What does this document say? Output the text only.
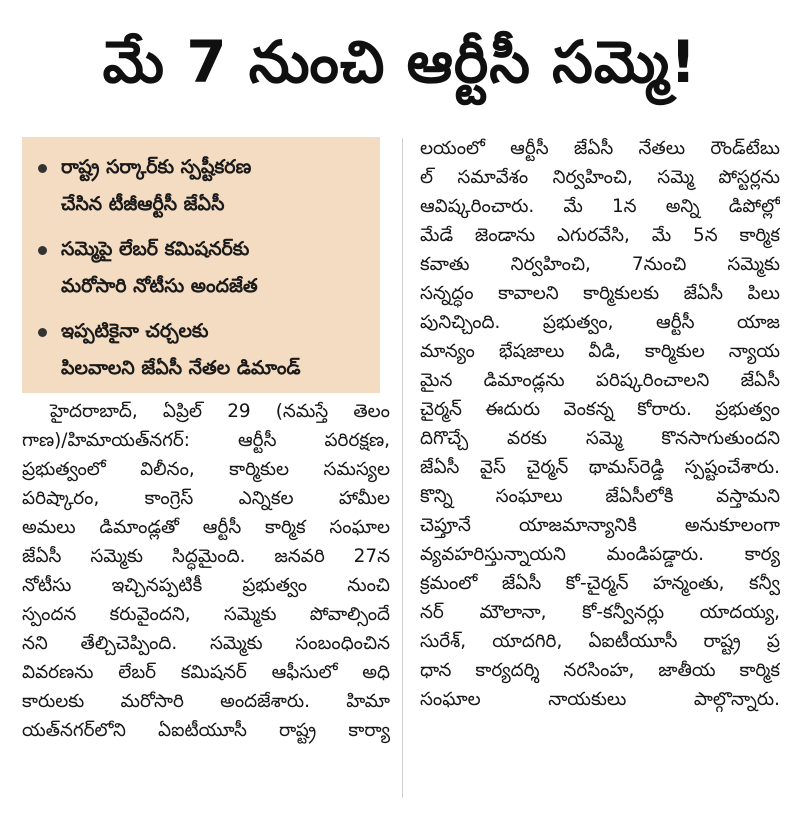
మే 7 నుంచి ఆర్టీసీ సమ్మె!
రాష్ట్ర సర్కార్‌కు స్పష్టీకరణ
చేసిన టీజీఆర్టీసీ జేఏసీ
సమ్మెపై లేబర్ కమిషనర్‌కు
మరోసారి నోటీసు అందజేత
ఇప్పటికైనా చర్చలకు
పిలవాలని జేఏసీ నేతల డిమాండ్
హైదరాబాద్, ఏప్రిల్ 29 (నమస్తే తెలం
గాణ)/హిమాయత్‌నగర్: ఆర్టీసీ పరిరక్షణ,
ప్రభుత్వంలో విలీనం, కార్మికుల సమస్యల
పరిష్కారం, కాంగ్రెస్ ఎన్నికల హామీల
అమలు డిమాండ్లతో ఆర్టీసీ కార్మిక సంఘాల
జేఏసీ సమ్మెకు సిద్ధమైంది. జనవరి 27న
నోటీసు ఇచ్చినప్పటికీ ప్రభుత్వం నుంచి
స్పందన కరువైందని, సమ్మెకు పోవాల్సిందే
నని తేల్చిచెప్పింది. సమ్మెకు సంబంధించిన
వివరణను లేబర్ కమిషనర్ ఆఫీసులో అధి
కారులకు మరోసారి అందజేశారు. హిమా
యత్‌నగర్‌లోని ఏఐటీయూసీ రాష్ట్ర కార్యా
లయంలో ఆర్టీసీ జేఏసీ నేతలు రౌండ్‌టేబు
ల్ సమావేశం నిర్వహించి, సమ్మె పోస్టర్లను
ఆవిష్కరించారు. మే 1న అన్ని డిపోల్లో
మేడే జెండాను ఎగురవేసి, మే 5న కార్మిక
కవాతు నిర్వహించి, 7నుంచి సమ్మెకు
సన్నద్ధం కావాలని కార్మికులకు జేఏసీ పిలు
పునిచ్చింది. ప్రభుత్వం, ఆర్టీసీ యాజ
మాన్యం భేషజాలు వీడి, కార్మికుల న్యాయ
మైన డిమాండ్లను పరిష్కరించాలని జేఏసీ
చైర్మన్ ఈదురు వెంకన్న కోరారు. ప్రభుత్వం
దిగొచ్చే వరకు సమ్మె కొనసాగుతుందని
జేఏసీ వైస్ చైర్మన్ థామస్‌రెడ్డి స్పష్టంచేశారు.
కొన్ని సంఘాలు జేఏసీలోకి వస్తామని
చెప్తూనే యాజమాన్యానికి అనుకూలంగా
వ్యవహరిస్తున్నాయని మండిపడ్డారు. కార్య
క్రమంలో జేఏసీ కో-చైర్మన్ హన్మంతు, కన్వీ
నర్ మౌలానా, కో-కన్వీనర్లు యాదయ్య,
సురేశ్, యాదగిరి, ఏఐటీయూసీ రాష్ట్ర ప్ర
ధాన కార్యదర్శి నరసింహ, జాతీయ కార్మిక
సంఘాల నాయకులు పాల్గొన్నారు.
